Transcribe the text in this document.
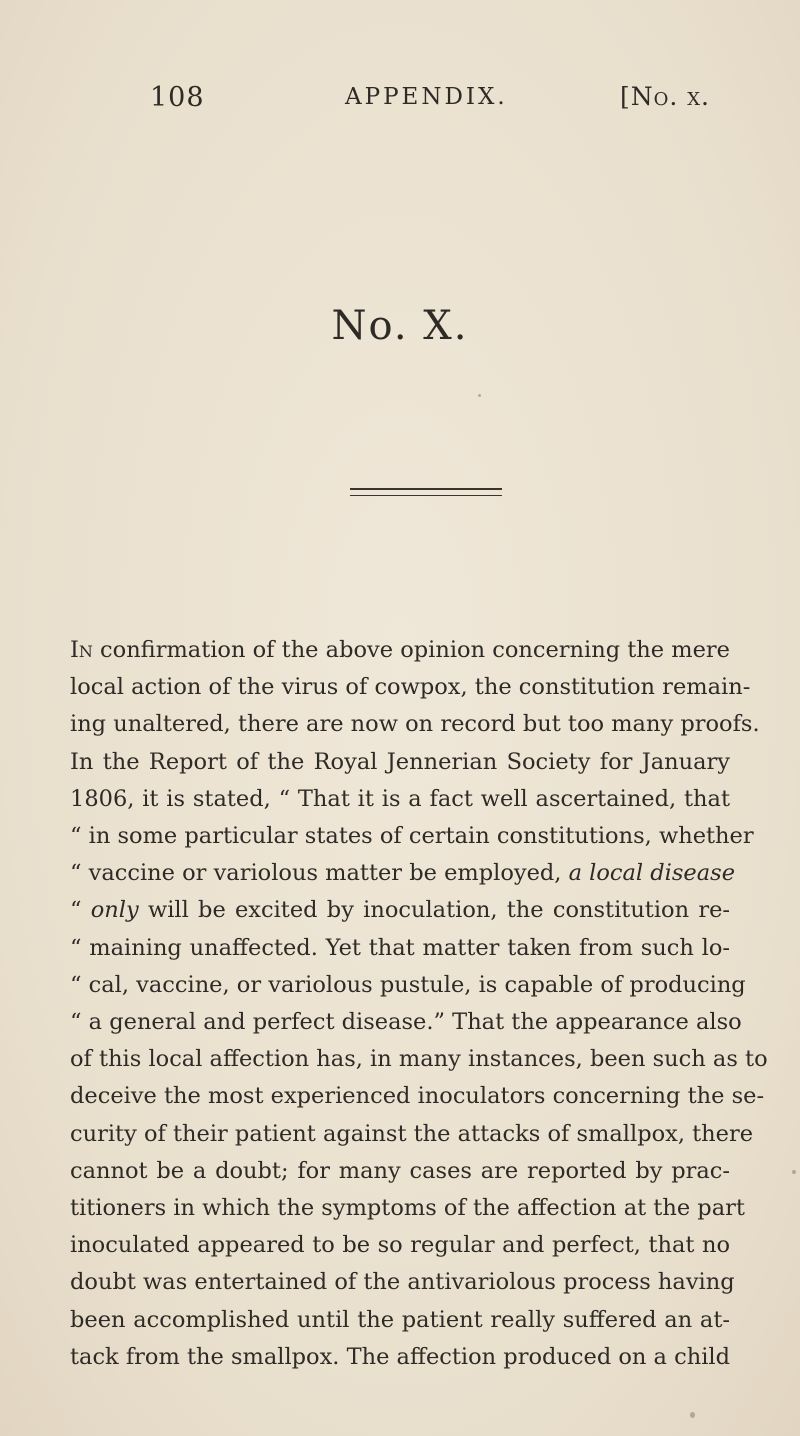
108	APPENDIX.	[No. x.
No. X.
In confirmation of the above opinion concerning the mere
local action of the virus of cowpox, the constitution remain-
ing unaltered, there are now on record but too many proofs.
In the Report of the Royal Jennerian Society for January
1806, it is stated, “ That it is a fact well ascertained, that
“ in some particular states of certain constitutions, whether
“ vaccine or variolous matter be employed, a local disease
“ only will be excited by inoculation, the constitution re-
“ maining unaffected. Yet that matter taken from such lo-
“ cal, vaccine, or variolous pustule, is capable of producing
“ a general and perfect disease.” That the appearance also
of this local affection has, in many instances, been such as to
deceive the most experienced inoculators concerning the se-
curity of their patient against the attacks of smallpox, there
cannot be a doubt; for many cases are reported by prac-
titioners in which the symptoms of the affection at the part
inoculated appeared to be so regular and perfect, that no
doubt was entertained of the antivariolous process having
been accomplished until the patient really suffered an at-
tack from the smallpox. The affection produced on a child
